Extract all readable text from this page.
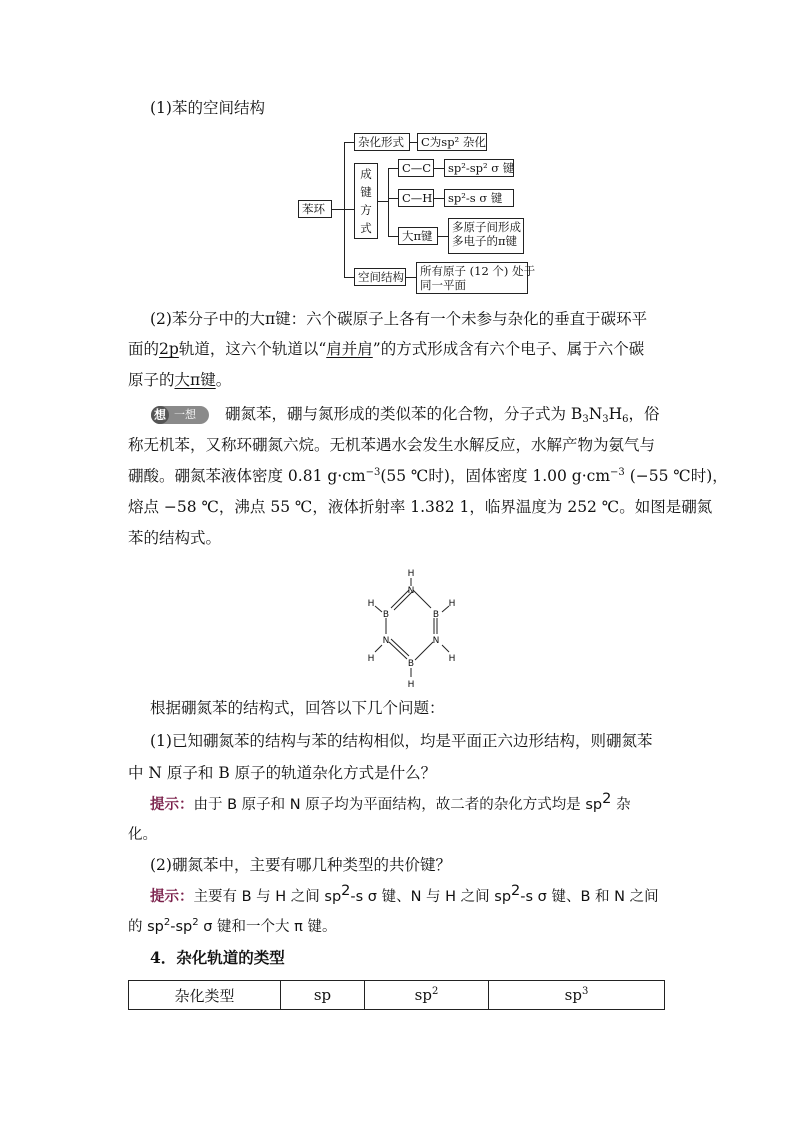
(1)苯的空间结构
苯环
杂化形式	C为sp² 杂化
成
键
方
式
C—C	sp²-sp² σ 键
C—H	sp²-s σ 键
大π键
多原子间形成
多电子的π键
空间结构 所有原子 (12 个) 处于
同一平面
(2)苯分子中的大π键：六个碳原子上各有一个未参与杂化的垂直于碳环平
面的2p轨道，这六个轨道以“肩并肩”的方式形成含有六个电子、属于六个碳
原子的大π键。
想 一想 硼氮苯，硼与氮形成的类似苯的化合物，分子式为 $B_3N_3H_6$，俗
称无机苯，又称环硼氮六烷。无机苯遇水会发生水解反应，水解产物为氨气与
硼酸。硼氮苯液体密度 0.81 $g\cdot cm^{-3}(55$ ℃时)，固体密度 1.00 $g\cdot cm^{-3}$ (−55 ℃时)，
熔点 −58 ℃，沸点 55 ℃，液体折射率 1.382 1，临界温度为 252 ℃。如图是硼氮
苯的结构式。
H
N
H
B	B
H
N	N
H	B	H
H
根据硼氮苯的结构式，回答以下几个问题：
(1)已知硼氮苯的结构与苯的结构相似，均是平面正六边形结构，则硼氮苯
中 N 原子和 B 原子的轨道杂化方式是什么？
提示：由于 B 原子和 N 原子均为平面结构，故二者的杂化方式均是 $sp^2$ 杂
化。
(2)硼氮苯中，主要有哪几种类型的共价键？
提示：主要有 B 与 H 之间 $sp^2-s$ σ 键、N 与 H 之间 $sp^2-s$ σ 键、B 和 N 之间
的 $sp^2-sp^2$ σ 键和一个大 π 键。
4．杂化轨道的类型
杂化类型	sp	$sp^2$	$sp^3$
